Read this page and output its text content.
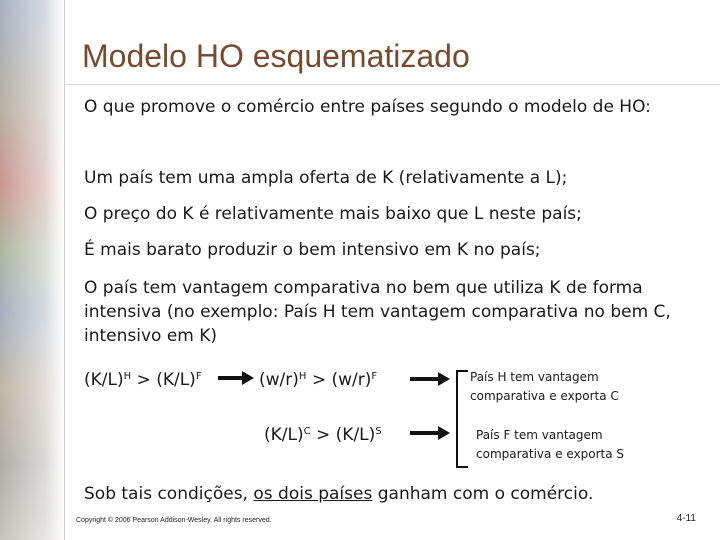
Modelo HO esquematizado
O que promove o comércio entre países segundo o modelo de HO:
Um país tem uma ampla oferta de K (relativamente a L);
O preço do K é relativamente mais baixo que L neste país;
É mais barato produzir o bem intensivo em K no país;
O país tem vantagem comparativa no bem que utiliza K de forma intensiva (no exemplo: País H tem vantagem comparativa no bem C, intensivo em K)
$(K/L)^H > (K/L)^F$	$(w/r)^H > (w/r)^F$
$(K/L)^C > (K/L)^S$
País H tem vantagem
comparativa e exporta C
País F tem vantagem
comparativa e exporta S
Sob tais condições, os dois países ganham com o comércio.
Copyright © 2006 Pearson Addison-Wesley. All rights reserved.	4-11
